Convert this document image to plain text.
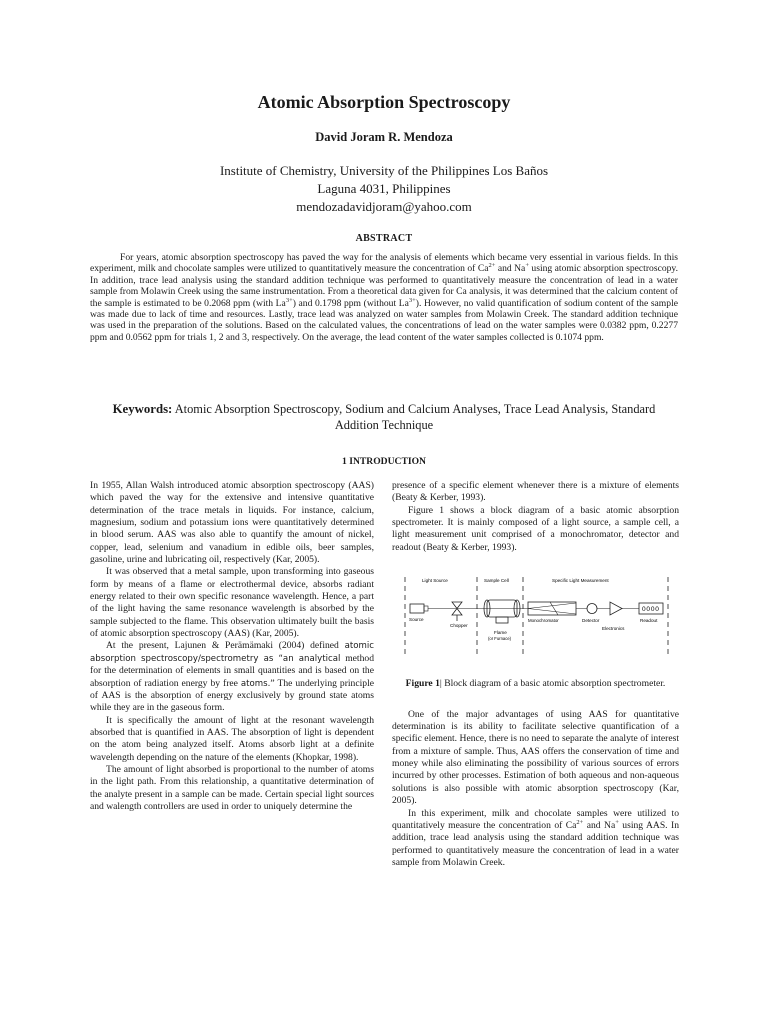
Atomic Absorption Spectroscopy
David Joram R. Mendoza
Institute of Chemistry, University of the Philippines Los Baños
Laguna 4031, Philippines
mendozadavidjoram@yahoo.com
ABSTRACT
For years, atomic absorption spectroscopy has paved the way for the analysis of elements which became very essential in various fields. In this experiment, milk and chocolate samples were utilized to quantitatively measure the concentration of $Ca^{2+}$ and Na+ using atomic absorption spectroscopy. In addition, trace lead analysis using the standard addition technique was performed to quantitatively measure the concentration of lead in a water sample from Molawin Creek using the same instrumentation. From a theoretical data given for Ca analysis, it was determined that the calcium content of the sample is estimated to be 0.2068 ppm (with $La^{3+}$) and 0.1798 ppm (without $La^{3+}$). However, no valid quantification of sodium content of the sample was made due to lack of time and resources. Lastly, trace lead was analyzed on water samples from Molawin Creek. The standard addition technique was used in the preparation of the solutions. Based on the calculated values, the concentrations of lead on the water samples were 0.0382 ppm, 0.2277 ppm and 0.0562 ppm for trials 1, 2 and 3, respectively. On the average, the lead content of the water samples collected is 0.1074 ppm.
Keywords: Atomic Absorption Spectroscopy, Sodium and Calcium Analyses, Trace Lead Analysis, Standard Addition Technique
1 INTRODUCTION

In 1955, Allan Walsh introduced atomic absorption spectroscopy (AAS) which paved the way for the extensive and intensive quantitative determination of the trace metals in liquids. For instance, calcium, magnesium, sodium and potassium ions were quantitatively determined in blood serum. AAS was also able to quantify the amount of nickel, copper, lead, selenium and vanadium in edible oils, beer samples, gasoline, urine and lubricating oil, respectively (Kar, 2005).

It was observed that a metal sample, upon transforming into gaseous form by means of a flame or electrothermal device, absorbs radiant energy related to their own specific resonance wavelength. Hence, a part of the light having the same resonance wavelength is absorbed by the sample subjected to the flame. This observation ultimately built the basis of atomic absorption spectroscopy (AAS) (Kar, 2005).

At the present, Lajunen & Perämämaki (2004) defined atomic absorption spectroscopy/spectrometry as “an analytical method for the determination of elements in small quantities and is based on the absorption of radiation energy by free atoms.” The underlying principle of AAS is the absorption of energy exclusively by ground state atoms while they are in the gaseous form.

It is specifically the amount of light at the resonant wavelength absorbed that is quantified in AAS. The absorption of light is dependent on the atom being analyzed itself. Atoms absorb light at a definite wavelength depending on the nature of the elements (Khopkar, 1998).

The amount of light absorbed is proportional to the number of atoms in the light path. From this relationship, a quantitative determination of the analyte present in a sample can be made. Certain special light sources and walength controllers are used in order to uniquely determine the

presence of a specific element whenever there is a mixture of elements (Beaty & Kerber, 1993).

Figure 1 shows a block diagram of a basic atomic absorption spectrometer. It is mainly composed of a light source, a sample cell, a light measurement unit comprised of a monochromator, detector and readout (Beaty & Kerber, 1993).

Light Source	Sample Cell	Specific Light Measurement
Source
Chopper
Flame
(or Furnace)
Monochromator	Detector
Electronics
0000
Readout
Figure 1| Block diagram of a basic atomic absorption spectrometer.

One of the major advantages of using AAS for quantitative determination is its ability to facilitate selective quantification of a specific element. Hence, there is no need to separate the analyte of interest from a mixture of sample. Thus, AAS offers the conservation of time and money while also eliminating the possibility of various sources of errors incurred by other processes. Estimation of both aqueous and non-aqueous solutions is also possible with atomic absorption spectroscopy (Kar, 2005).

In this experiment, milk and chocolate samples were utilized to quantitatively measure the concentration of $Ca^{2+}$ and Na+ using AAS. In addition, trace lead analysis using the standard addition technique was performed to quantitatively measure the concentration of lead in a water sample from Molawin Creek.
